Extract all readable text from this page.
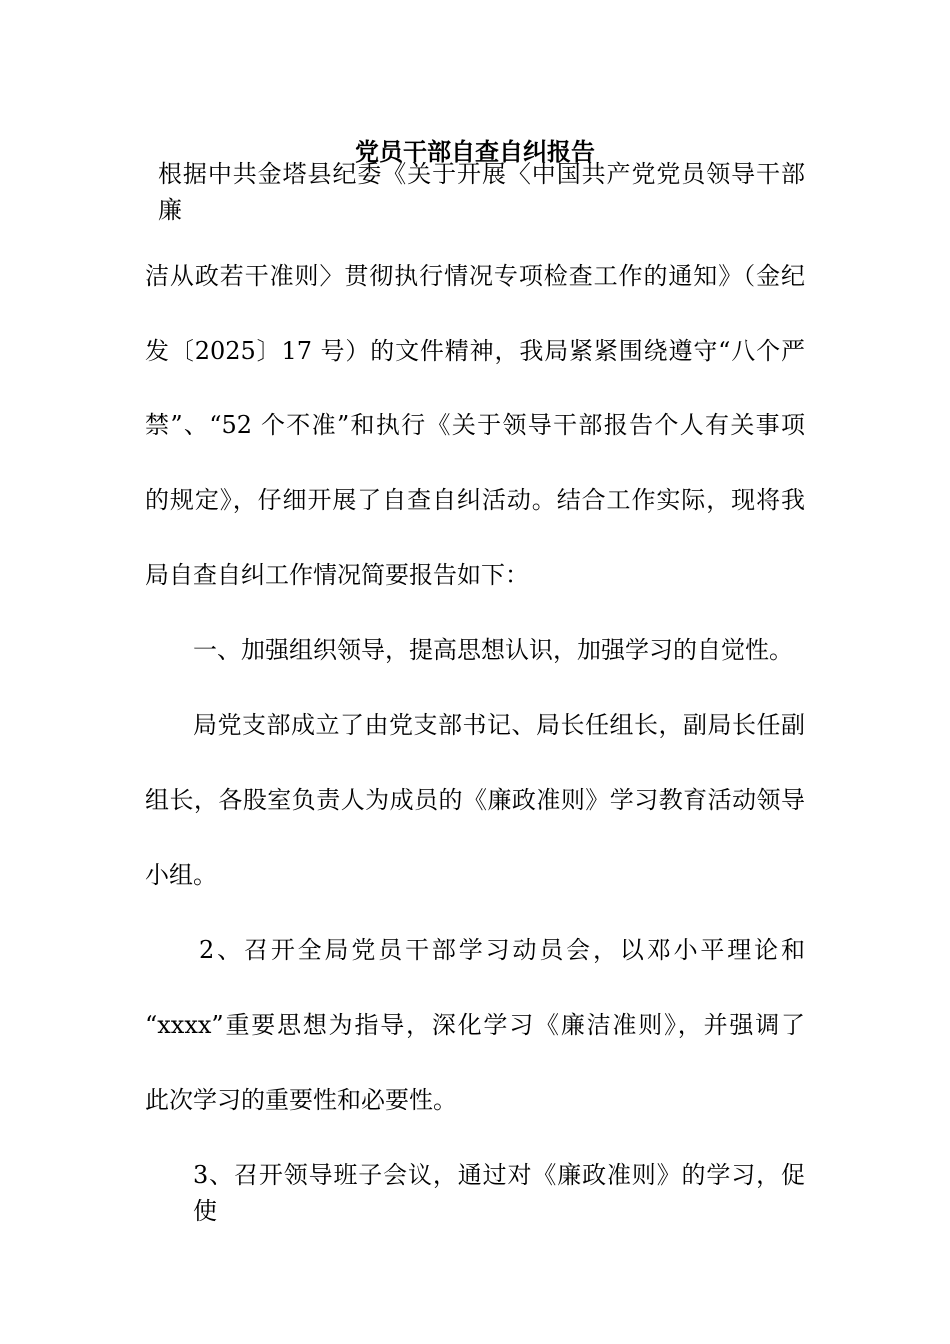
党员干部自查自纠报告
根据中共金塔县纪委《关于开展〈中国共产党党员领导干部廉
洁从政若干准则〉贯彻执行情况专项检查工作的通知》（金纪
发〔2025〕17 号）的文件精神，我局紧紧围绕遵守“八个严
禁”、“52 个不准”和执行《关于领导干部报告个人有关事项
的规定》，仔细开展了自查自纠活动。结合工作实际，现将我
局自查自纠工作情况简要报告如下：
一、加强组织领导，提高思想认识，加强学习的自觉性。
局党支部成立了由党支部书记、局长任组长，副局长任副
组长，各股室负责人为成员的《廉政准则》学习教育活动领导
小组。
2、召开全局党员干部学习动员会，以邓小平理论和
“xxxx”重要思想为指导，深化学习《廉洁准则》，并强调了
此次学习的重要性和必要性。
3、召开领导班子会议，通过对《廉政准则》的学习，促使
